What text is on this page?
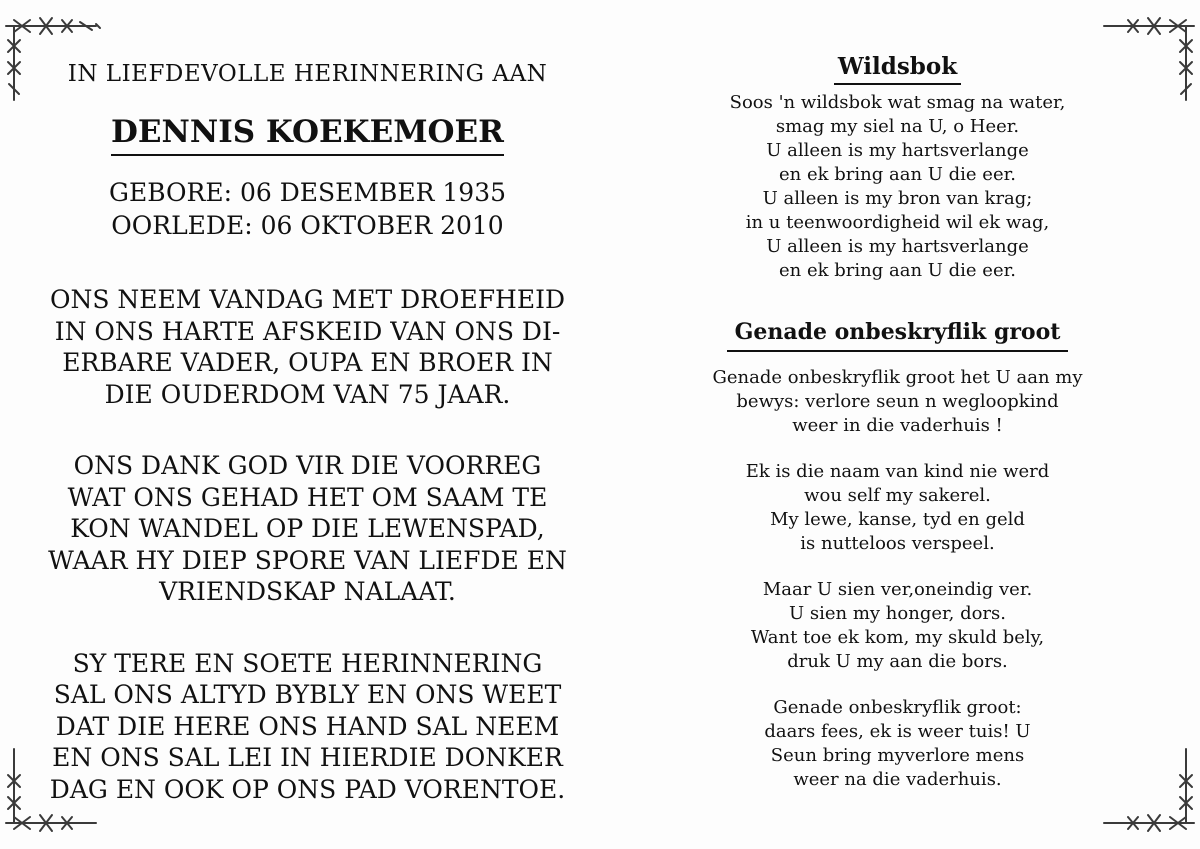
IN LIEFDEVOLLE HERINNERING AAN

DENNIS KOEKEMOER

GEBORE: 06 DESEMBER 1935

OORLEDE: 06 OKTOBER 2010

ONS NEEM VANDAG MET DROEFHEID
IN ONS HARTE AFSKEID VAN ONS DI-
ERBARE VADER, OUPA EN BROER IN
DIE OUDERDOM VAN 75 JAAR.

ONS DANK GOD VIR DIE VOORREG
WAT ONS GEHAD HET OM SAAM TE
KON WANDEL OP DIE LEWENSPAD,
WAAR HY DIEP SPORE VAN LIEFDE EN
VRIENDSKAP NALAAT.

SY TERE EN SOETE HERINNERING
SAL ONS ALTYD BYBLY EN ONS WEET
DAT DIE HERE ONS HAND SAL NEEM
EN ONS SAL LEI IN HIERDIE DONKER
DAG EN OOK OP ONS PAD VORENTOE.

Wildsbok

Soos 'n wildsbok wat smag na water,
smag my siel na U, o Heer.
U alleen is my hartsverlange
en ek bring aan U die eer.
U alleen is my bron van krag;
in u teenwoordigheid wil ek wag,
U alleen is my hartsverlange
en ek bring aan U die eer.

Genade onbeskryflik groot

Genade onbeskryflik groot het U aan my
bewys: verlore seun n wegloopkind
weer in die vaderhuis !

Ek is die naam van kind nie werd
wou self my sakerel.
My lewe, kanse, tyd en geld
is nutteloos verspeel.

Maar U sien ver,oneindig ver.
U sien my honger, dors.
Want toe ek kom, my skuld bely,
druk U my aan die bors.

Genade onbeskryflik groot:
daars fees, ek is weer tuis! U
Seun bring myverlore mens
weer na die vaderhuis.
